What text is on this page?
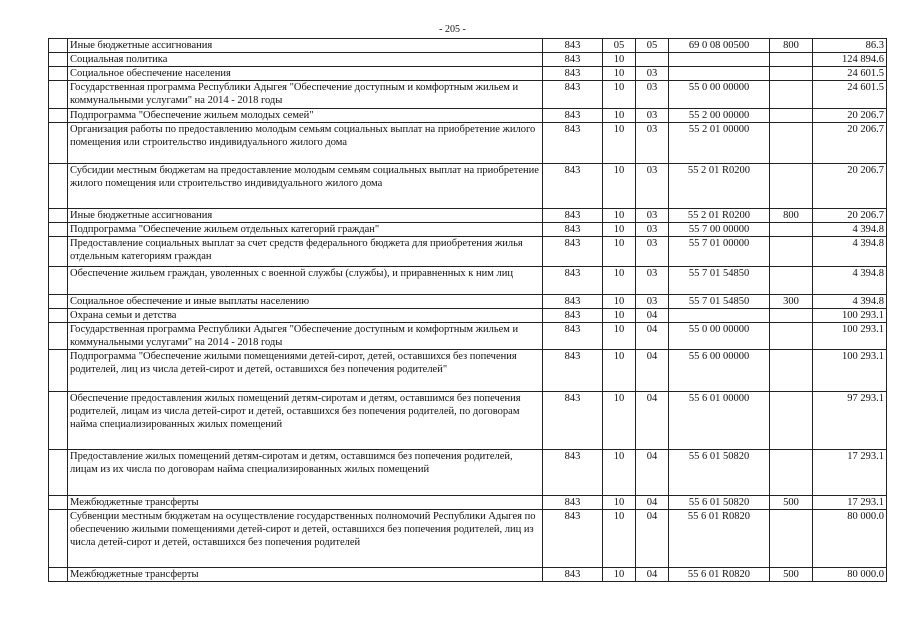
- 205 -
	Иные бюджетные ассигнования	843	05	05	69 0 08 00500	800	86.3
	Социальная политика	843	10				124 894.6
	Социальное обеспечение населения	843	10	03			24 601.5
	Государственная программа Республики Адыгея "Обеспечение доступным и комфортным жильем и коммунальными услугами" на 2014 - 2018 годы	843	10	03	55 0 00 00000		24 601.5
	Подпрограмма "Обеспечение жильем молодых семей"	843	10	03	55 2 00 00000		20 206.7
	Организация работы по предоставлению молодым семьям социальных выплат на приобретение жилого помещения или строительство индивидуального жилого дома	843	10	03	55 2 01 00000		20 206.7
	Субсидии местным бюджетам на предоставление молодым семьям социальных выплат на приобретение жилого помещения или строительство индивидуального жилого дома	843	10	03	55 2 01 R0200		20 206.7
	Иные бюджетные ассигнования	843	10	03	55 2 01 R0200	800	20 206.7
	Подпрограмма "Обеспечение жильем отдельных категорий граждан"	843	10	03	55 7 00 00000		4 394.8
	Предоставление социальных выплат за счет средств федерального бюджета для приобретения жилья отдельным категориям граждан	843	10	03	55 7 01 00000		4 394.8
	Обеспечение жильем граждан, уволенных с военной службы (службы), и приравненных к ним лиц	843	10	03	55 7 01 54850		4 394.8
	Социальное обеспечение и иные выплаты населению	843	10	03	55 7 01 54850	300	4 394.8
	Охрана семьи и детства	843	10	04			100 293.1
	Государственная программа Республики Адыгея "Обеспечение доступным и комфортным жильем и коммунальными услугами" на 2014 - 2018 годы	843	10	04	55 0 00 00000		100 293.1
	Подпрограмма "Обеспечение жилыми помещениями детей-сирот, детей, оставшихся без попечения родителей, лиц из числа детей-сирот и детей, оставшихся без попечения родителей"	843	10	04	55 6 00 00000		100 293.1
	Обеспечение предоставления жилых помещений детям-сиротам и детям, оставшимся без попечения родителей, лицам из числа детей-сирот и детей, оставшихся без попечения родителей, по договорам найма специализированных жилых помещений	843	10	04	55 6 01 00000		97 293.1
	Предоставление жилых помещений детям-сиротам и детям, оставшимся без попечения родителей, лицам из их числа по договорам найма специализированных жилых помещений	843	10	04	55 6 01 50820		17 293.1
	Межбюджетные трансферты	843	10	04	55 6 01 50820	500	17 293.1
	Субвенции местным бюджетам на осуществление государственных полномочий Республики Адыгея по обеспечению жилыми помещениями детей-сирот и детей, оставшихся без попечения родителей, лиц из числа детей-сирот и детей, оставшихся без попечения родителей	843	10	04	55 6 01 R0820		80 000.0
	Межбюджетные трансферты	843	10	04	55 6 01 R0820	500	80 000.0
